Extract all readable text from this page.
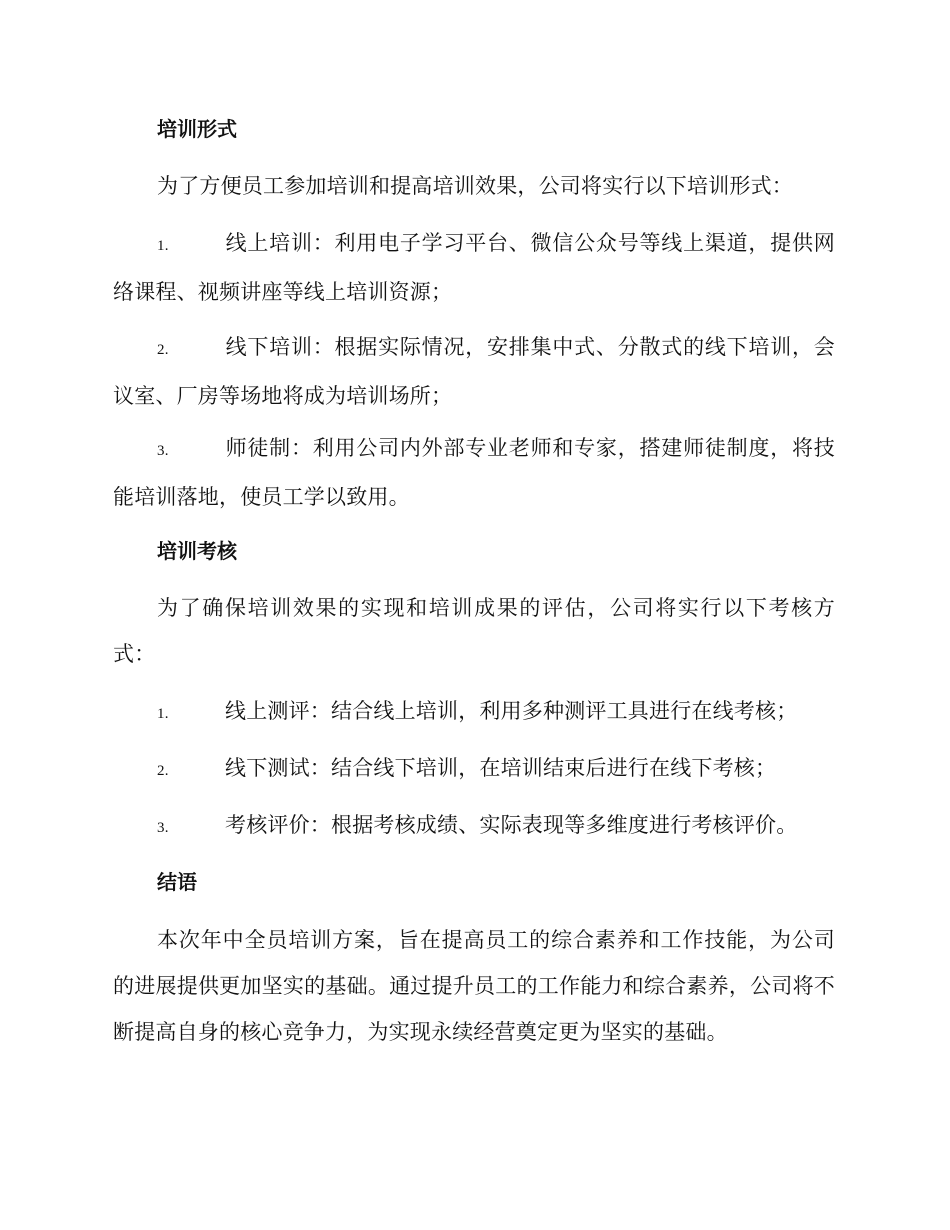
培训形式
为了方便员工参加培训和提高培训效果，公司将实行以下培训形式：
1.	线上培训：利用电子学习平台、微信公众号等线上渠道，提供网络课程、视频讲座等线上培训资源；
2.	线下培训：根据实际情况，安排集中式、分散式的线下培训，会议室、厂房等场地将成为培训场所；
3.	师徒制：利用公司内外部专业老师和专家，搭建师徒制度，将技能培训落地，使员工学以致用。
培训考核
为了确保培训效果的实现和培训成果的评估，公司将实行以下考核方式：
1.	线上测评：结合线上培训，利用多种测评工具进行在线考核；
2.	线下测试：结合线下培训，在培训结束后进行在线下考核；
3.	考核评价：根据考核成绩、实际表现等多维度进行考核评价。
结语
本次年中全员培训方案，旨在提高员工的综合素养和工作技能，为公司的进展提供更加坚实的基础。通过提升员工的工作能力和综合素养，公司将不断提高自身的核心竞争力，为实现永续经营奠定更为坚实的基础。
